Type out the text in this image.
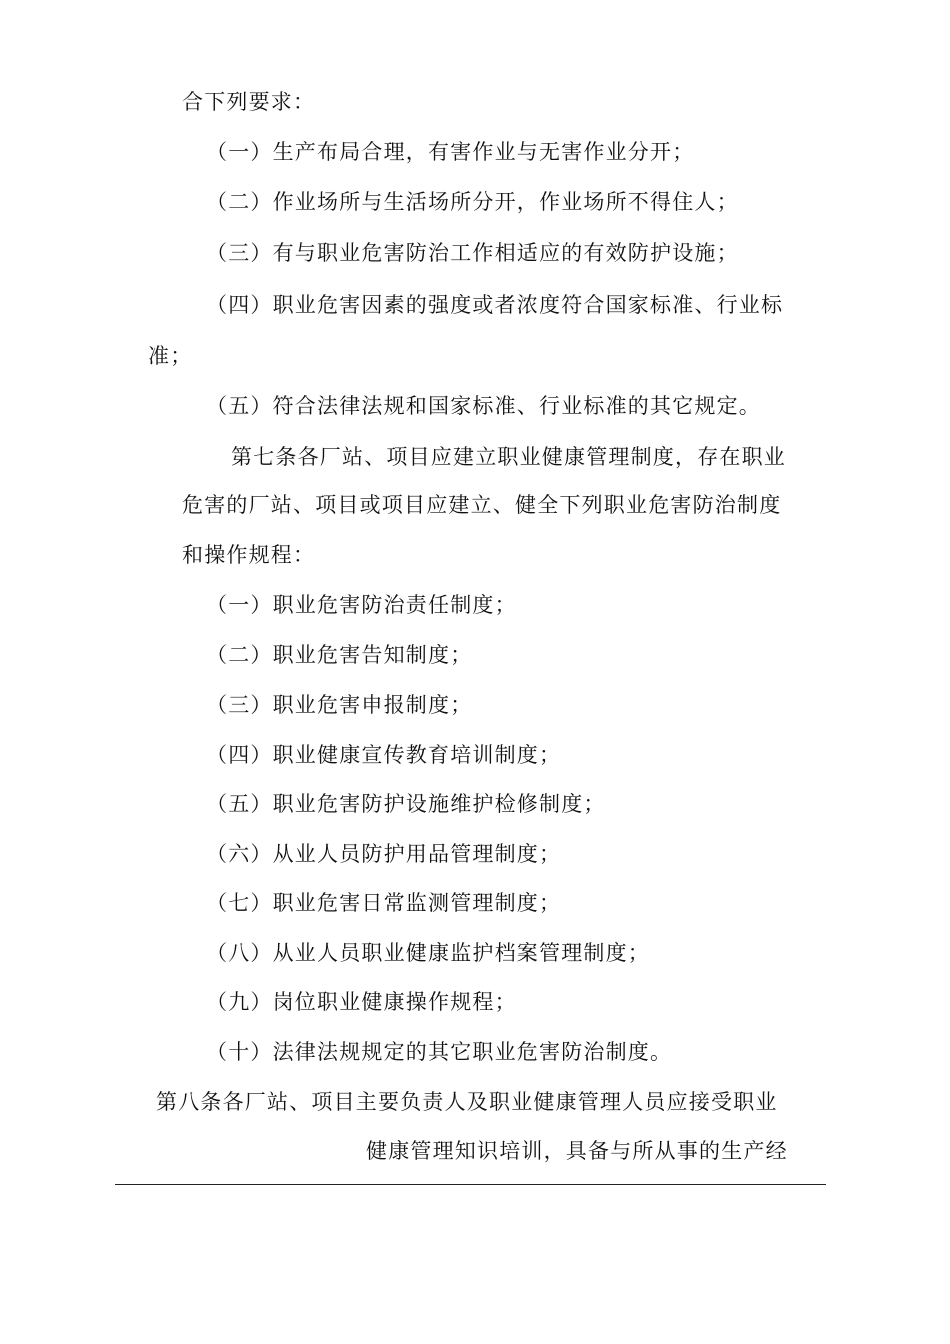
合下列要求：
（一）生产布局合理，有害作业与无害作业分开；
（二）作业场所与生活场所分开，作业场所不得住人；
（三）有与职业危害防治工作相适应的有效防护设施；
（四）职业危害因素的强度或者浓度符合国家标准、行业标
准；
（五）符合法律法规和国家标准、行业标准的其它规定。
第七条各厂站、项目应建立职业健康管理制度，存在职业
危害的厂站、项目或项目应建立、健全下列职业危害防治制度
和操作规程：
（一）职业危害防治责任制度；
（二）职业危害告知制度；
（三）职业危害申报制度；
（四）职业健康宣传教育培训制度；
（五）职业危害防护设施维护检修制度；
（六）从业人员防护用品管理制度；
（七）职业危害日常监测管理制度；
（八）从业人员职业健康监护档案管理制度；
（九）岗位职业健康操作规程；
（十）法律法规规定的其它职业危害防治制度。
第八条各厂站、项目主要负责人及职业健康管理人员应接受职业
健康管理知识培训，具备与所从事的生产经
